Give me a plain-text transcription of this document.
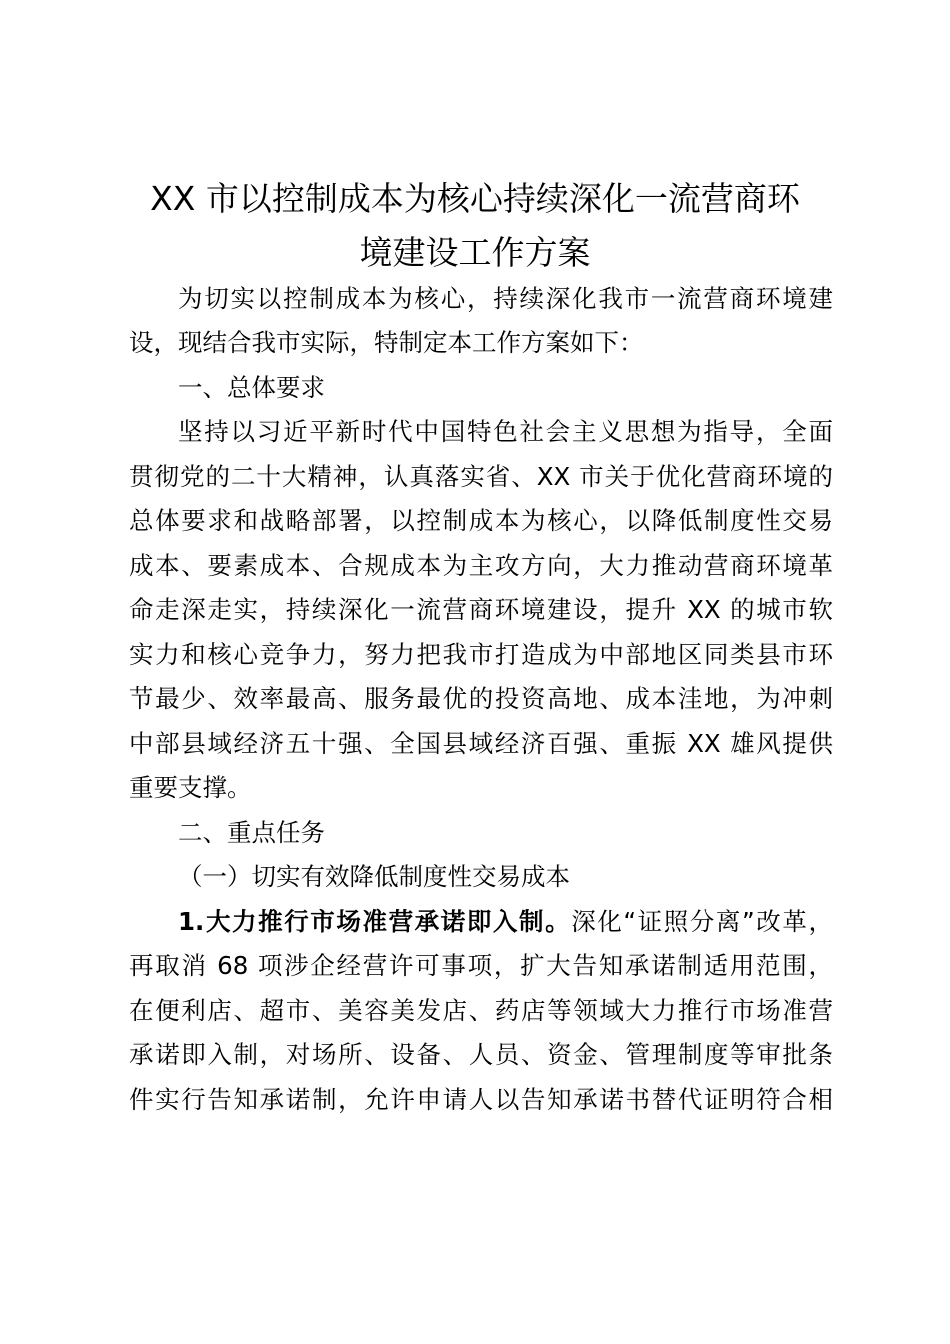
XX 市以控制成本为核心持续深化一流营商环
境建设工作方案

为切实以控制成本为核心，持续深化我市一流营商环境建

设，现结合我市实际，特制定本工作方案如下：

一、总体要求

坚持以习近平新时代中国特色社会主义思想为指导，全面

贯彻党的二十大精神，认真落实省、XX 市关于优化营商环境的

总体要求和战略部署，以控制成本为核心，以降低制度性交易

成本、要素成本、合规成本为主攻方向，大力推动营商环境革

命走深走实，持续深化一流营商环境建设，提升 XX 的城市软

实力和核心竞争力，努力把我市打造成为中部地区同类县市环

节最少、效率最高、服务最优的投资高地、成本洼地，为冲刺

中部县域经济五十强、全国县域经济百强、重振 XX 雄风提供

重要支撑。

二、重点任务

（一）切实有效降低制度性交易成本

1.大力推行市场准营承诺即入制。深化“证照分离”改革，

再取消 68 项涉企经营许可事项，扩大告知承诺制适用范围，

在便利店、超市、美容美发店、药店等领域大力推行市场准营

承诺即入制，对场所、设备、人员、资金、管理制度等审批条

件实行告知承诺制，允许申请人以告知承诺书替代证明符合相
